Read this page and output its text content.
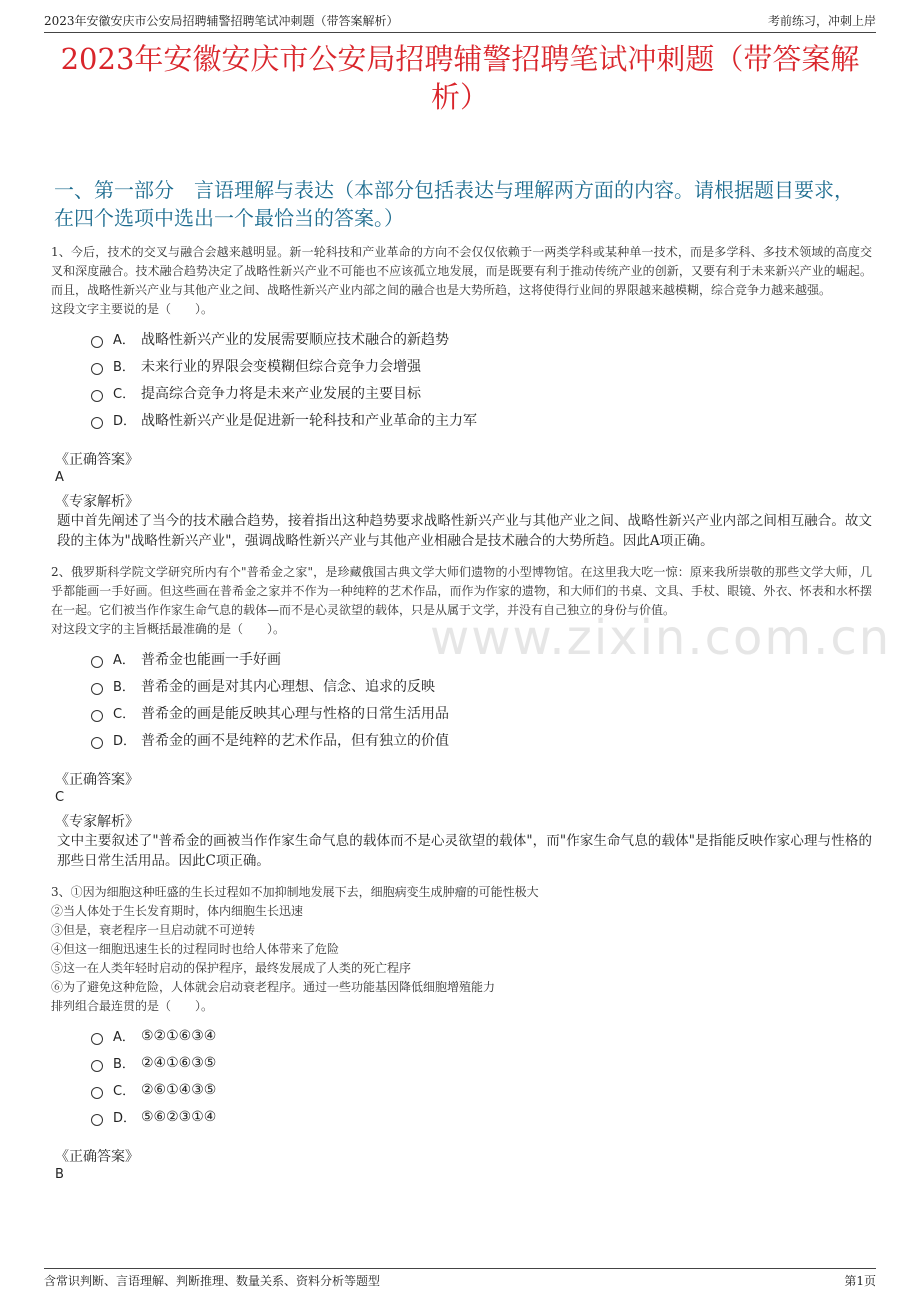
2023年安徽安庆市公安局招聘辅警招聘笔试冲刺题（带答案解析）	考前练习，冲刺上岸
2023年安徽安庆市公安局招聘辅警招聘笔试冲刺题（带答案解析）
一、第一部分　言语理解与表达（本部分包括表达与理解两方面的内容。请根据题目要求，在四个选项中选出一个最恰当的答案。）
www.zixin.com.cn
1、今后，技术的交叉与融合会越来越明显。新一轮科技和产业革命的方向不会仅仅依赖于一两类学科或某种单一技术，而是多学科、多技术领域的高度交叉和深度融合。技术融合趋势决定了战略性新兴产业不可能也不应该孤立地发展，而是既要有利于推动传统产业的创新，又要有利于未来新兴产业的崛起。而且，战略性新兴产业与其他产业之间、战略性新兴产业内部之间的融合也是大势所趋，这将使得行业间的界限越来越模糊，综合竞争力越来越强。
这段文字主要说的是（　　）。
A． 战略性新兴产业的发展需要顺应技术融合的新趋势
B． 未来行业的界限会变模糊但综合竞争力会增强
C． 提高综合竞争力将是未来产业发展的主要目标
D． 战略性新兴产业是促进新一轮科技和产业革命的主力军
《正确答案》
A
《专家解析》
题中首先阐述了当今的技术融合趋势，接着指出这种趋势要求战略性新兴产业与其他产业之间、战略性新兴产业内部之间相互融合。故文段的主体为"战略性新兴产业"，强调战略性新兴产业与其他产业相融合是技术融合的大势所趋。因此A项正确。
2、俄罗斯科学院文学研究所内有个"普希金之家"，是珍藏俄国古典文学大师们遗物的小型博物馆。在这里我大吃一惊：原来我所崇敬的那些文学大师，几乎都能画一手好画。但这些画在普希金之家并不作为一种纯粹的艺术作品，而作为作家的遗物，和大师们的书桌、文具、手杖、眼镜、外衣、怀表和水杯摆在一起。它们被当作作家生命气息的载体—而不是心灵欲望的载体，只是从属于文学，并没有自己独立的身份与价值。
对这段文字的主旨概括最准确的是（　　）。
A． 普希金也能画一手好画
B． 普希金的画是对其内心理想、信念、追求的反映
C． 普希金的画是能反映其心理与性格的日常生活用品
D． 普希金的画不是纯粹的艺术作品，但有独立的价值
《正确答案》
C
《专家解析》
文中主要叙述了"普希金的画被当作作家生命气息的载体而不是心灵欲望的载体"，而"作家生命气息的载体"是指能反映作家心理与性格的那些日常生活用品。因此C项正确。
3、①因为细胞这种旺盛的生长过程如不加抑制地发展下去，细胞病变生成肿瘤的可能性极大
②当人体处于生长发育期时，体内细胞生长迅速
③但是，衰老程序一旦启动就不可逆转
④但这一细胞迅速生长的过程同时也给人体带来了危险
⑤这一在人类年轻时启动的保护程序，最终发展成了人类的死亡程序
⑥为了避免这种危险，人体就会启动衰老程序。通过一些功能基因降低细胞增殖能力
排列组合最连贯的是（　　）。
A． ⑤②①⑥③④
B． ②④①⑥③⑤
C． ②⑥①④③⑤
D． ⑤⑥②③①④
《正确答案》
B
含常识判断、言语理解、判断推理、数量关系、资料分析等题型	第1页
